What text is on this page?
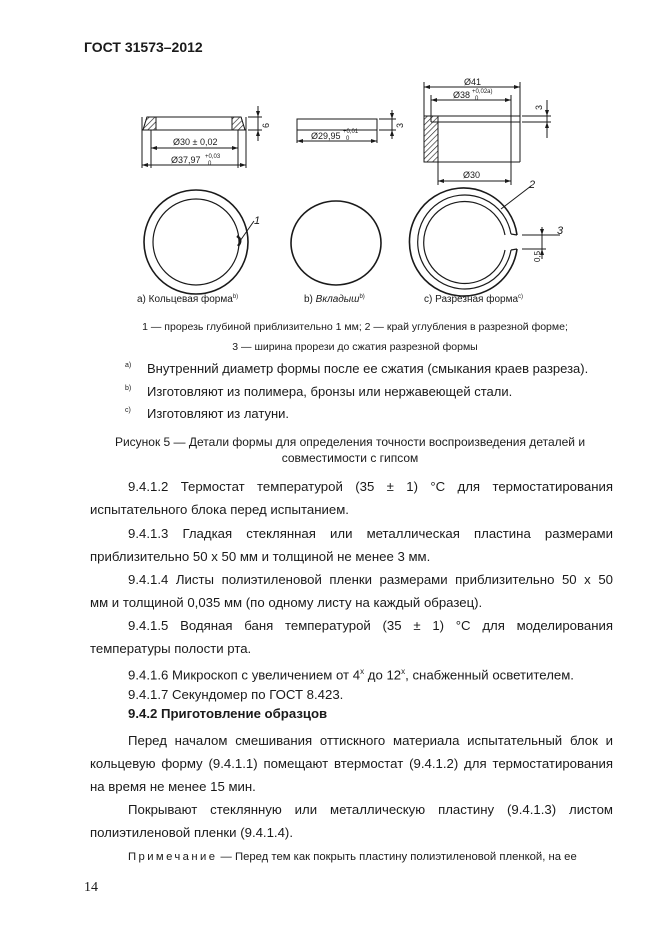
ГОСТ 31573–2012
Ø30 ± 0,02
Ø37,97 +0,03
0
6
Ø29,95 +0,01
0
3
Ø41
Ø38 +0,02a)
0
Ø30
3
1
2
3
0,5
а) Кольцевая форма$^{b)}$	b) Вкладыш$^{b)}$	с) Разрезная форма$^{с)}$
1 — прорезь глубиной приблизительно 1 мм; 2 — край углубления в разрезной форме;
3 — ширина прорези до сжатия разрезной формы
a) Внутренний диаметр формы после ее сжатия (смыкания краев разреза).
b) Изготовляют из полимера, бронзы или нержавеющей стали.
c) Изготовляют из латуни.
Рисунок 5 — Детали формы для определения точности воспроизведения деталей и
совместимости с гипсом
9.4.1.2 Термостат температурой (35 ± 1) °С для термостатирования
испытательного блока перед испытанием.
9.4.1.3 Гладкая стеклянная или металлическая пластина размерами
приблизительно 50 х 50 мм и толщиной не менее 3 мм.
9.4.1.4 Листы полиэтиленовой пленки размерами приблизительно 50 х 50
мм и толщиной 0,035 мм (по одному листу на каждый образец).
9.4.1.5 Водяная баня температурой (35 ± 1) °С для моделирования
температуры полости рта.
9.4.1.6 Микроскоп с увеличением от 4$^x$ до 12$^x$, снабженный осветителем.
9.4.1.7 Секундомер по ГОСТ 8.423.
9.4.2 Приготовление образцов
Перед началом смешивания оттискного материала испытательный блок и
кольцевую форму (9.4.1.1) помещают втермостат (9.4.1.2) для термостатирования
на время не менее 15 мин.
Покрывают стеклянную или металлическую пластину (9.4.1.3) листом
полиэтиленовой пленки (9.4.1.4).
Примечание — Перед тем как покрыть пластину полиэтиленовой пленкой, на ее
14
